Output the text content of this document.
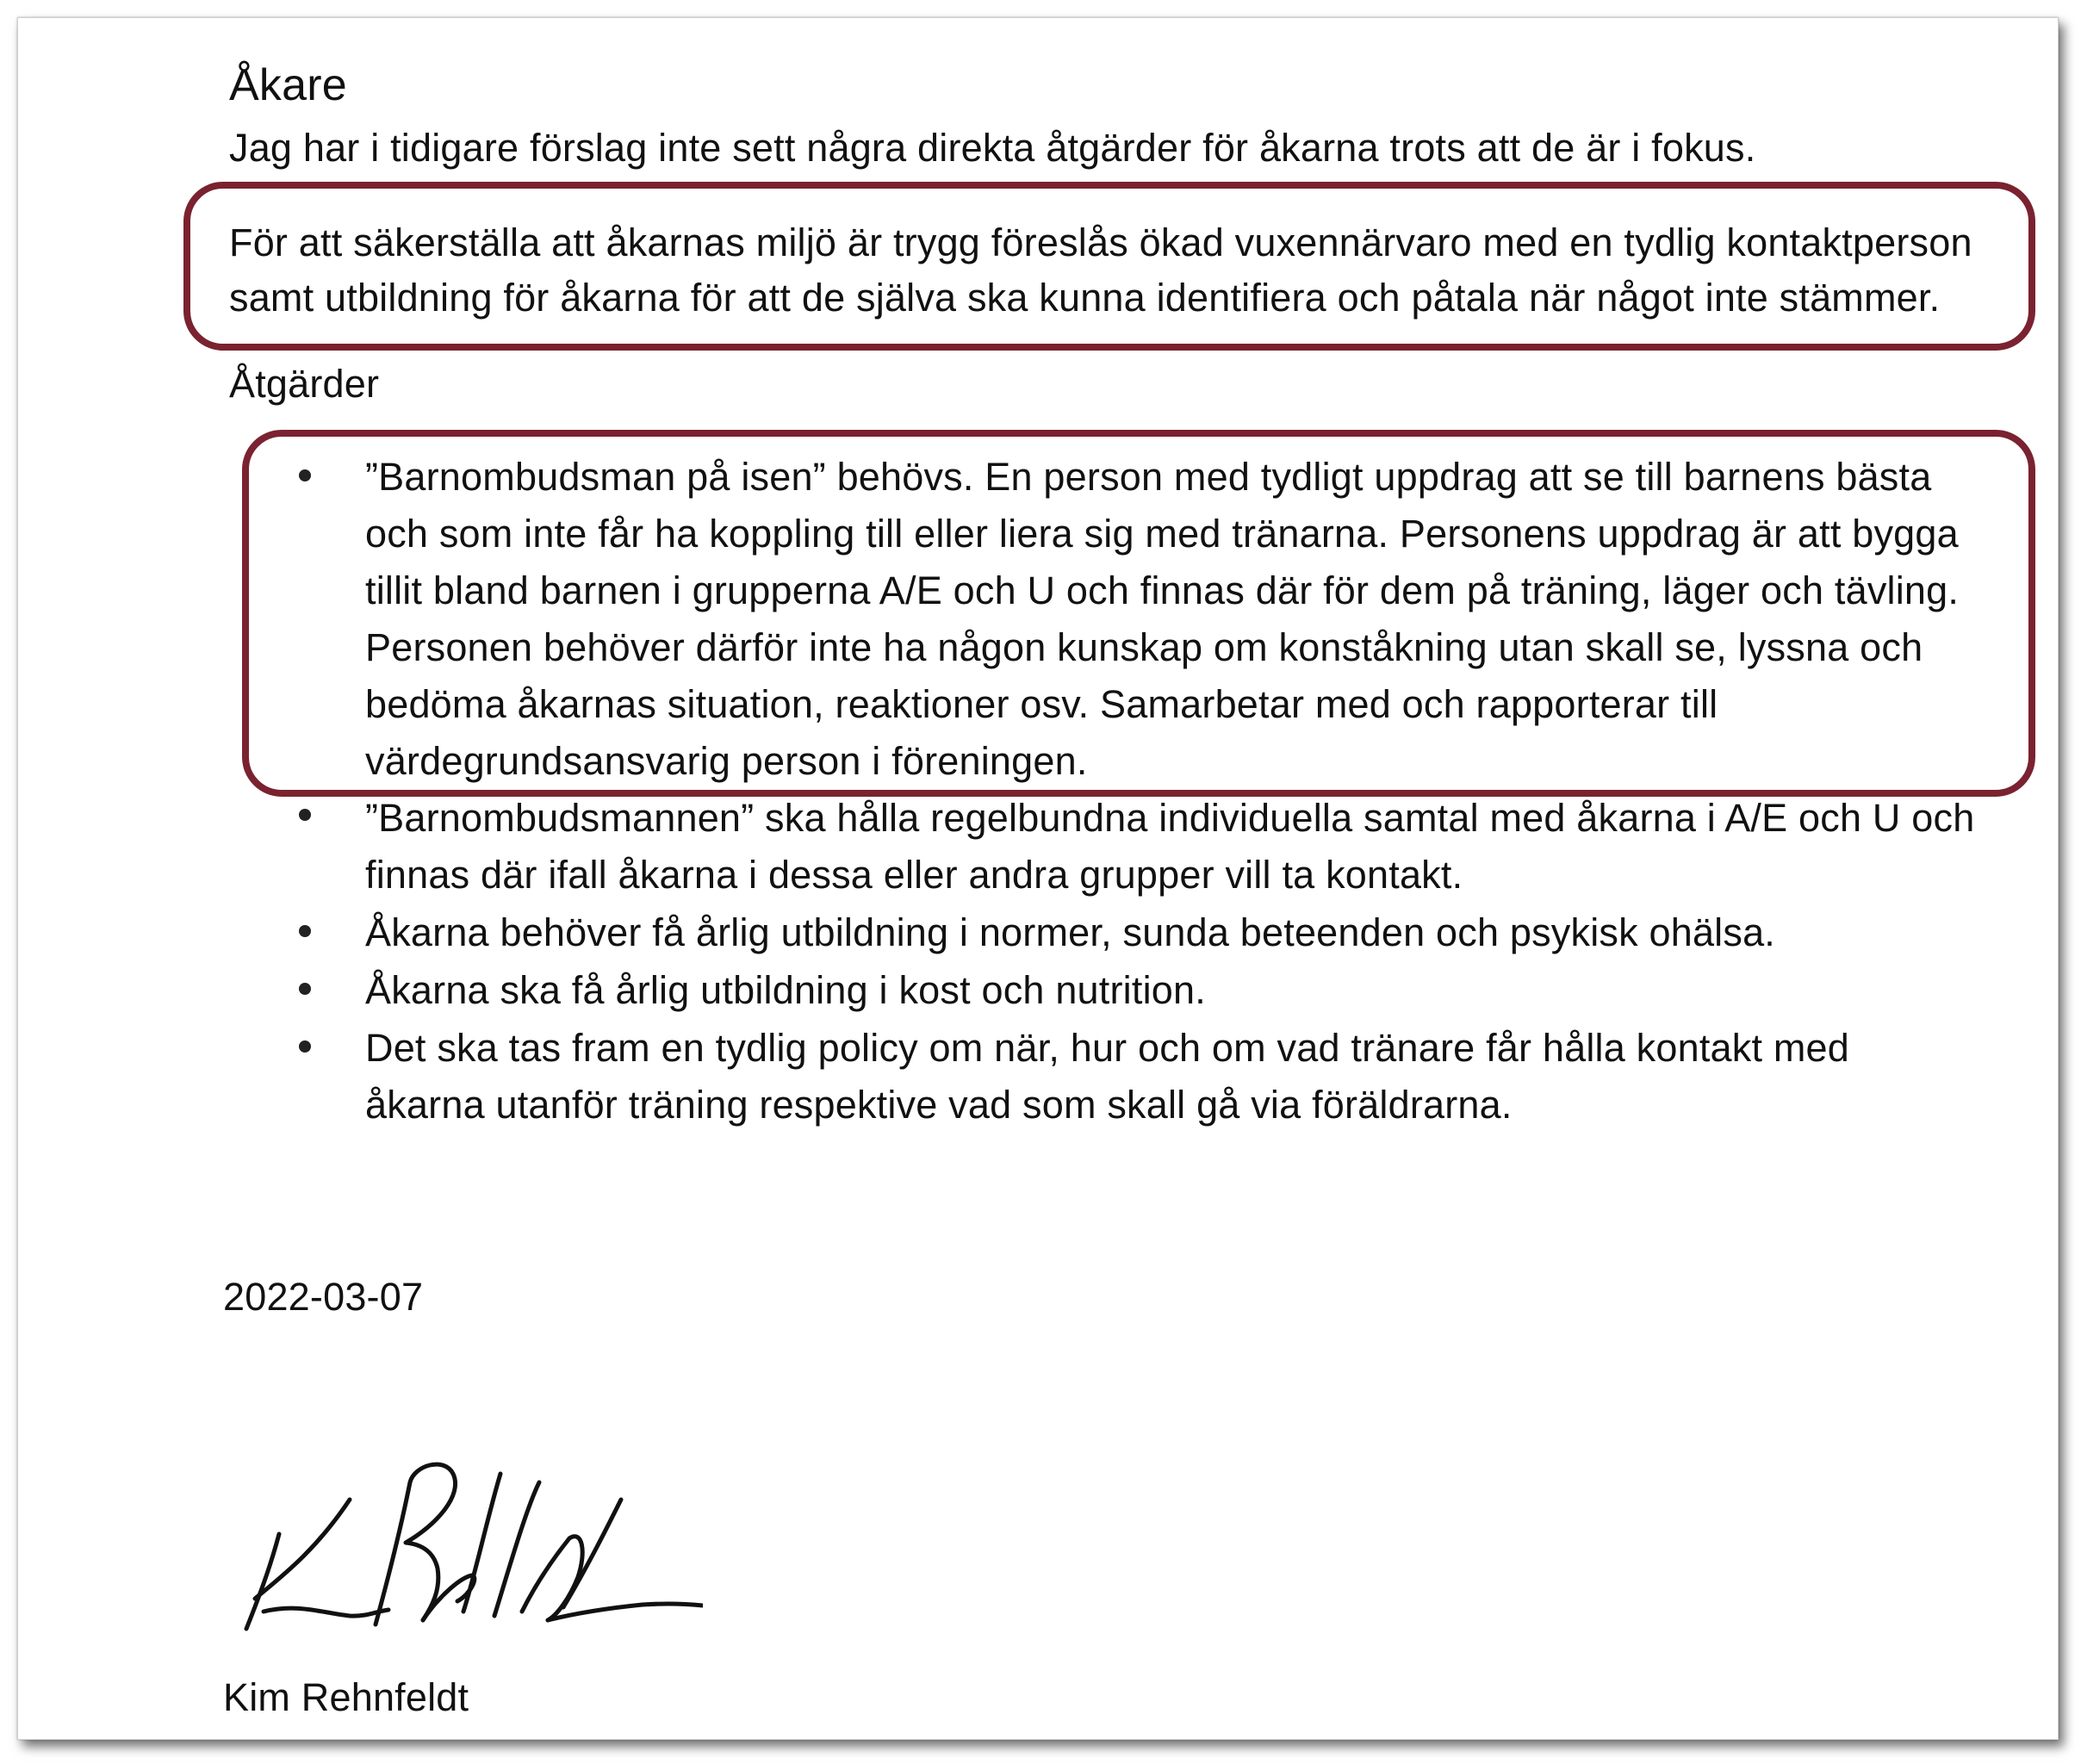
Åkare
Jag har i tidigare förslag inte sett några direkta åtgärder för åkarna trots att de är i fokus.
För att säkerställa att åkarnas miljö är trygg föreslås ökad vuxennärvaro med en tydlig kontaktperson
samt utbildning för åkarna för att de själva ska kunna identifiera och påtala när något inte stämmer.
Åtgärder
”Barnombudsman på isen” behövs. En person med tydligt uppdrag att se till barnens bästa
och som inte får ha koppling till eller liera sig med tränarna. Personens uppdrag är att bygga
tillit bland barnen i grupperna A/E och U och finnas där för dem på träning, läger och tävling.
Personen behöver därför inte ha någon kunskap om konståkning utan skall se, lyssna och
bedöma åkarnas situation, reaktioner osv. Samarbetar med och rapporterar till
värdegrundsansvarig person i föreningen.
”Barnombudsmannen” ska hålla regelbundna individuella samtal med åkarna i A/E och U och
finnas där ifall åkarna i dessa eller andra grupper vill ta kontakt.
Åkarna behöver få årlig utbildning i normer, sunda beteenden och psykisk ohälsa.
Åkarna ska få årlig utbildning i kost och nutrition.
Det ska tas fram en tydlig policy om när, hur och om vad tränare får hålla kontakt med
åkarna utanför träning respektive vad som skall gå via föräldrarna.
2022-03-07
Kim Rehnfeldt
